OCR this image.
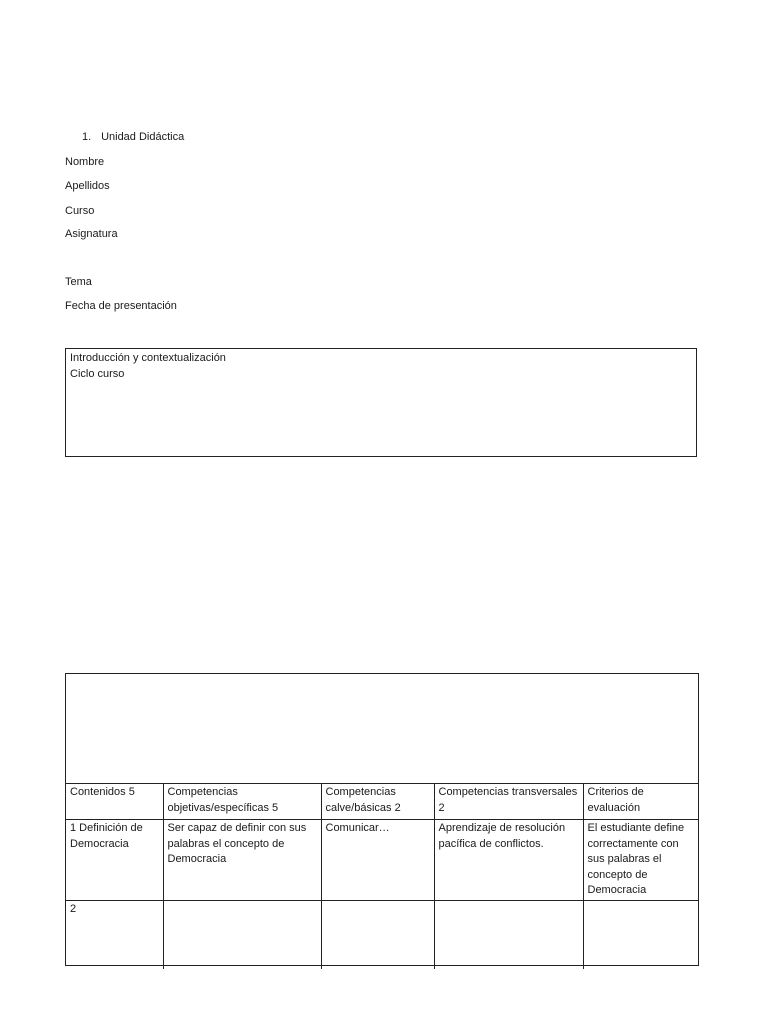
1. Unidad Didáctica
Nombre
Apellidos
Curso
Asignatura
Tema
Fecha de presentación
Introducción y contextualización
Ciclo curso
Contenidos 5	Competencias objetivas/específicas 5	Competencias calve/básicas 2	Competencias transversales 2	Criterios de evaluación
1 Definición de Democracia	Ser capaz de definir con sus palabras el concepto de Democracia	Comunicar…	Aprendizaje de resolución pacífica de conflictos.	El estudiante define correctamente con sus palabras el concepto de Democracia
2				
